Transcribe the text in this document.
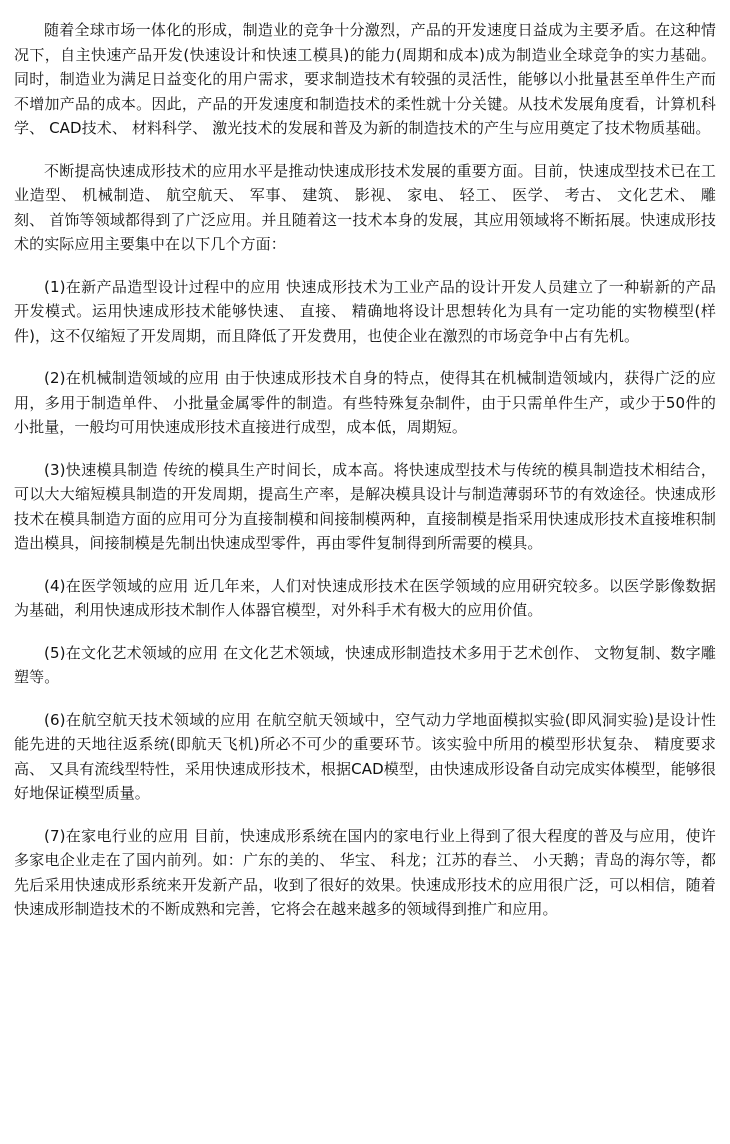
随着全球市场一体化的形成，制造业的竞争十分激烈，产品的开发速度日益成为主要矛盾。在这种情况下，自主快速产品开发(快速设计和快速工模具)的能力(周期和成本)成为制造业全球竞争的实力基础。同时，制造业为满足日益变化的用户需求，要求制造技术有较强的灵活性，能够以小批量甚至单件生产而不增加产品的成本。因此，产品的开发速度和制造技术的柔性就十分关键。从技术发展角度看，计算机科学、 CAD技术、 材料科学、 激光技术的发展和普及为新的制造技术的产生与应用奠定了技术物质基础。

不断提高快速成形技术的应用水平是推动快速成形技术发展的重要方面。目前，快速成型技术已在工业造型、 机械制造、 航空航天、 军事、 建筑、 影视、 家电、 轻工、 医学、 考古、 文化艺术、 雕刻、 首饰等领域都得到了广泛应用。并且随着这一技术本身的发展，其应用领域将不断拓展。快速成形技术的实际应用主要集中在以下几个方面：

(1)在新产品造型设计过程中的应用 快速成形技术为工业产品的设计开发人员建立了一种崭新的产品开发模式。运用快速成形技术能够快速、 直接、 精确地将设计思想转化为具有一定功能的实物模型(样件)，这不仅缩短了开发周期，而且降低了开发费用，也使企业在激烈的市场竞争中占有先机。

(2)在机械制造领域的应用 由于快速成形技术自身的特点，使得其在机械制造领域内，获得广泛的应用，多用于制造单件、 小批量金属零件的制造。有些特殊复杂制件，由于只需单件生产，或少于50件的小批量，一般均可用快速成形技术直接进行成型，成本低，周期短。

(3)快速模具制造 传统的模具生产时间长，成本高。将快速成型技术与传统的模具制造技术相结合，可以大大缩短模具制造的开发周期，提高生产率，是解决模具设计与制造薄弱环节的有效途径。快速成形技术在模具制造方面的应用可分为直接制模和间接制模两种，直接制模是指采用快速成形技术直接堆积制造出模具，间接制模是先制出快速成型零件，再由零件复制得到所需要的模具。

(4)在医学领域的应用 近几年来，人们对快速成形技术在医学领域的应用研究较多。以医学影像数据为基础，利用快速成形技术制作人体器官模型，对外科手术有极大的应用价值。

(5)在文化艺术领域的应用 在文化艺术领域，快速成形制造技术多用于艺术创作、 文物复制、数字雕塑等。

(6)在航空航天技术领域的应用 在航空航天领域中，空气动力学地面模拟实验(即风洞实验)是设计性能先进的天地往返系统(即航天飞机)所必不可少的重要环节。该实验中所用的模型形状复杂、 精度要求高、 又具有流线型特性，采用快速成形技术，根据CAD模型，由快速成形设备自动完成实体模型，能够很好地保证模型质量。

(7)在家电行业的应用 目前，快速成形系统在国内的家电行业上得到了很大程度的普及与应用，使许多家电企业走在了国内前列。如：广东的美的、 华宝、 科龙；江苏的春兰、 小天鹅；青岛的海尔等，都先后采用快速成形系统来开发新产品，收到了很好的效果。快速成形技术的应用很广泛，可以相信，随着快速成形制造技术的不断成熟和完善，它将会在越来越多的领域得到推广和应用。
